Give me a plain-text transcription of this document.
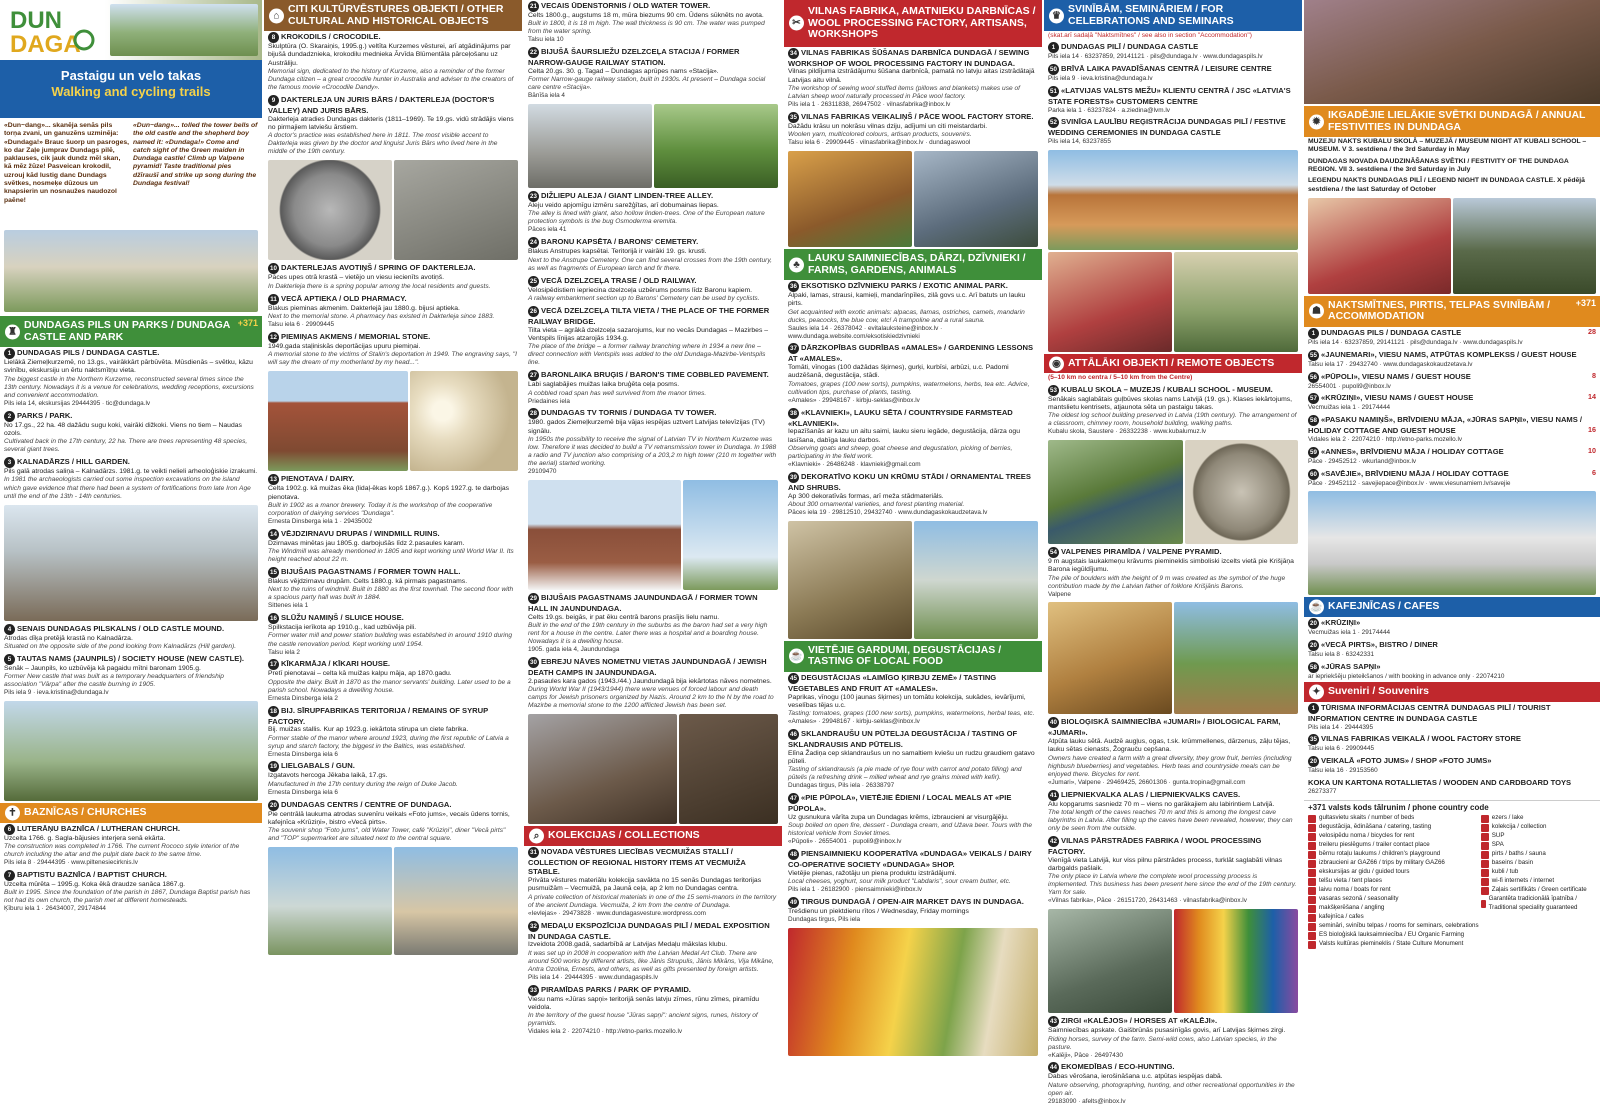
DUN
DAGA
Pastaigu un velo takas
Walking and cycling trails
«Dun~dang»... skanēja senās pils torņa zvani, un ganuzēns uzminēja: «Dundaga!» Brauc šuorp un pasroges, ko dar Zaļe jumprav Dundags pilē, paklauses, cik jauk dundz mēl skan, kā mēz žūze! Pasveican krokodil, uzrouj kād lustig danc Dundags svētkes, nosmeķe dūzous un knapsierin un nosnaužes naudozol paēne!
«Dun~dang»... tolled the tower bells of the old castle and the shepherd boy named it: «Dundaga!» Come and catch sight of the Green maiden in Dundaga castle! Climb up Valpene pyramid! Taste traditional pies džīraušī and strike up song during the Dundaga festival!
♜
DUNDAGAS PILS UN PARKS / DUNDAGA CASTLE AND PARK
+371
1 DUNDAGAS PILS / DUNDAGA CASTLE.
Lielākā Ziemeļkurzemē, no 13.gs., vairākkārt pārbūvēta. Mūsdienās – svētku, kāzu svinību, ekskursiju un ērtu naktsmītņu vieta.
The biggest castle in the Northern Kurzeme, reconstructed several times since the 13th century. Nowadays it is a venue for celebrations, wedding receptions, excursions and convenient accommodation.
Pils iela 14, ekskursijas 29444395 · tic@dundaga.lv
2 PARKS / PARK.
No 17.gs., 22 ha. 48 dažādu sugu koki, vairāki dižkoki. Viens no tiem – Naudas ozols.
Cultivated back in the 17th century, 22 ha. There are trees representing 48 species, several giant trees.
3 KALNADĀRZS / HILL GARDEN.
Pils galā atrodas saliņa – Kalnadārzs. 1981.g. te veikti nelieli arheoloģiskie izrakumi.
In 1981 the archaeologists carried out some inspection excavations on the island which gave evidence that there had been a system of fortifications from late Iron Age until the end of the 13th - 14th centuries.
4 SENAIS DUNDAGAS PILSKALNS / OLD CASTLE MOUND.
Atrodas dīķa pretējā krastā no Kalnadārza.
Situated on the opposite side of the pond looking from Kalnadārzs (Hill garden).
5 TAUTAS NAMS (JAUNPILS) / SOCIETY HOUSE (NEW CASTLE).
Senāk – Jaunpils, ko uzbūvēja kā pagaidu mītni baronam 1905.g.
Former New castle that was built as a temporary headquarters of friendship association "Vārpa" after the castle burning in 1905.
Pils iela 9 · ieva.kristina@dundaga.lv
✝ BAZNĪCAS / CHURCHES
6 LUTERĀŅU BAZNĪCA / LUTHERAN CHURCH.
Uzcelta 1766. g. Sagla-bājusies interjera senā ekārta.
The construction was completed in 1766. The current Rococo style interior of the church including the altar and the pulpit date back to the same time.
Pils iela 8 · 29444395 · www.piltenesiecirknis.lv
7 BAPTISTU BAZNĪCA / BAPTIST CHURCH.
Uzcelta mūrēta – 1995.g. Koka ēkā draudze sanāca 1867.g.
Built in 1995. Since the foundation of the parish in 1867, Dundaga Baptist parish has not had its own church, the parish met at different homesteads.
Ķīburu iela 1 · 26434007, 29174844
⌂
CITI KULTŪRVĒSTURES OBJEKTI / OTHER CULTURAL AND HISTORICAL OBJECTS
8 KROKODILS / CROCODILE.
Skulptūra (O. Skaraiņis, 1995.g.) veltīta Kurzemes vēsturei, arī atgādinājums par bijušā dundadznieka, krokodilu mednieka Ārvīda Blūmentāla pārceļošanu uz Austrāliju.
Memorial sign, dedicated to the history of Kurzeme, also a reminder of the former Dundaga citizen – a great crocodile hunter in Australia and adviser to the creators of the famous movie «Crocodile Dandy».
9 DAKTERLEJA UN JURIS BĀRS / DAKTERLEJA (DOCTOR'S VALLEY) AND JURIS BĀRS.
Dakterleja atradies Dundagas dakteris (1811–1969). Te 19.gs. vidū strādājis viens no pirmajiem latviešu ārstiem.
A doctor's practice was established here in 1811. The most visible accent to Dakterleja was given by the doctor and linguist Juris Bārs who lived here in the middle of the 19th century.
10 DAKTERLEJAS AVOTIŅŠ / SPRING OF DAKTERLEJA.
Pāces upes otrā krastā – vietējo un viesu iecienīts avotiņš.
In Dakterleja there is a spring popular among the local residents and guests.
11 VECĀ APTIEKA / OLD PHARMACY.
Blakus pieminas akmenim. Dakterlejā jau 1880.g. bijusi aptieka.
Next to the memorial stone. A pharmacy has existed in Dakterleja since 1883.
Talsu iela 6 · 29909445
12 PIEMIŅAS AKMENS / MEMORIAL STONE.
1949.gada staļiniskās deportācijas upuru piemiņai.
A memorial stone to the victims of Stalin's deportation in 1949. The engraving says, "I will say the dream of my motherland by my head...".
13 PIENOTAVA / DAIRY.
Celta 1902.g. kā muižas ēka (lidaļ-ēkas kopš 1867.g.). Kopš 1927.g. te darbojas pienotava.
Built in 1902 as a manor brewery. Today it is the workshop of the cooperative corporation of dairying services "Dundaga".
Ernesta Dinsberga iela 1 · 29435002
14 VĒJDZIRNAVU DRUPAS / WINDMILL RUINS.
Dzirnavas minētas jau 1805.g. darbojušās līdz 2.pasaules karam.
The Windmill was already mentioned in 1805 and kept working until World War II. Its height reached about 22 m.
15 BIJUŠAIS PAGASTNAMS / FORMER TOWN HALL.
Blakus vējdzirnavu drupām. Celts 1880.g. kā pirmais pagastnams.
Next to the ruins of windmill. Built in 1880 as the first townhall. The second floor with a spacious party hall was built in 1884.
Sittenes iela 1
16 SLŪŽU NAMIŅŠ / SLUICE HOUSE.
Spilkstacija ierīkota ap 1910.g., kad uzbūvēja pili.
Former water mill and power station building was established in around 1910 during the castle renovation period. Kept working until 1954.
Talsu iela 2
17 KĪKARMĀJA / KĪKARI HOUSE.
Pretī pienotavai – celta kā muižas kalpu māja, ap 1870.gadu.
Opposite the dairy. Built in 1870 as the manor servants' building. Later used to be a parish school. Nowadays a dwelling house.
Ernesta Dinsberga iela 2
18 BIJ. SĪRUPFABRIKAS TERITORIJA / REMAINS OF SYRUP FACTORY.
Bij. muižas stallis. Kur ap 1923.g. iekārtota stirupa un ciete fabrika.
Former stable of the manor where around 1923, during the first republic of Latvia a syrup and starch factory, the biggest in the Baltics, was established.
Ernesta Dinsberga iela 6
19 LIELGABALS / GUN.
Izgatavots hercoga Jēkaba laikā, 17.gs.
Manufactured in the 17th century during the reign of Duke Jacob.
Ernesta Dinsberga iela 6
20 DUNDAGAS CENTRS / CENTRE OF DUNDAGA.
Pie centrālā laukuma atrodas suvenīru veikals «Foto jums», vecais ūdens tornis, kafejnīca «Krūziņi», bistro «Vecā pirts».
The souvenir shop "Foto jums", old Water Tower, café "Krūziņi", diner "Vecā pirts" and "TOP" supermarket are situated next to the central square.
21 VECAIS ŪDENSTORNIS / OLD WATER TOWER.
Celts 1800.g., augstums 18 m, mūra biezums 90 cm. Ūdens sūknēts no avota.
Built in 1800, it is 18 m high. The wall thickness is 90 cm. The water was pumped from the water spring.
Talsu iela 10
22 BIJUŠĀ ŠAURSLIEŽU DZELZCEĻA STACIJA / FORMER NARROW-GAUGE RAILWAY STATION.
Celta 20.gs. 30. g. Tagad – Dundagas aprūpes nams «Stacija».
Former Narrow-gauge railway station, built in 1930s. At present – Dundaga social care centre «Stacija».
Bānīša iela 4
23 DIŽLIEPU ALEJA / GIANT LINDEN-TREE ALLEY.
Aleju veido apjomīgu izmēru sarežģītas, arī dobumainas liepas.
The alley is lined with giant, also hollow linden-trees. One of the European nature protection symbols is the bug Osmoderma eremita.
Pāces iela 41
24 BARONU KAPSĒTA / BARONS' CEMETERY.
Blakus Anstrupes kapsētai. Teritorijā ir vairāki 19. gs. krusti.
Next to the Anstrupe Cemetery. One can find several crosses from the 19th century, as well as fragments of European larch and fir there.
25 VECĀ DZELZCEĻA TRASE / OLD RAILWAY.
Velosipēdistiem iepriecina dzelzceļa uzbērums posms līdz Baronu kapiem.
A railway embankment section up to Barons' Cemetery can be used by cyclists.
26 VECĀ DZELZCEĻA TILTA VIETA / THE PLACE OF THE FORMER RAILWAY BRIDGE.
Tilta vieta – agrākā dzelzceļa sazarojums, kur no vecās Dundagas – Mazirbes – Ventspils līnijas atzarojās 1934.g.
The place of the bridge – a former railway branching where in 1934 a new line – direct connection with Ventspils was added to the old Dundaga-Mazirbe-Ventspils line.
27 BARONLAIKA BRUĢIS / BARON'S TIME COBBLED PAVEMENT.
Labi saglabājies muižas laika bruģēta ceļa posms.
A cobbled road span has well survived from the manor times.
Priedaines iela
28 DUNDAGAS TV TORNIS / DUNDAGA TV TOWER.
1980. gados Ziemeļkurzemē bija vājas iespējas uztvert Latvijas televīzijas (TV) signālu.
In 1950s the possibility to receive the signal of Latvian TV in Northern Kurzeme was low. Therefore it was decided to build a TV retransmission tower in Dundaga. In 1988 a radio and TV junction also comprising of a 203,2 m high tower (210 m together with the aerial) started working.
29109470
29 BIJUŠAIS PAGASTNAMS JAUNDUNDAGĀ / FORMER TOWN HALL IN JAUNDUNDAGA.
Celts 19.gs. beigās, ir pat ēku centrā barons prasījis lielu namu.
Built in the end of the 19th century in the suburbs as the baron had set a very high rent for a house in the centre. Later there was a hospital and a boarding house. Nowadays it is a dwelling house.
1905. gada iela 4, Jaundundaga
30 EBREJU NĀVES NOMETNU VIETAS JAUNDUNDAGĀ / JEWISH DEATH CAMPS IN JAUNDUNDAGA.
2.pasaules kara gados (1943./44.) Jaundundagā bija iekārtotas nāves nometnes.
During World War II (1943/1944) there were venues of forced labour and death camps for Jewish prisoners organized by Nazis. Around 2 km to the N by the road to Mazirbe a memorial stone to the 1200 afflicted Jewish has been set.
⌕ KOLEKCIJAS / COLLECTIONS
31 NOVADA VĒSTURES LIECĪBAS VECMUIŽAS STALLĪ / COLLECTION OF REGIONAL HISTORY ITEMS AT VECMUIŽA STABLE.
Privāta vēstures materiālu kolekcija savākta no 15 senās Dundagas teritorijas pusmuižām – Vecmuižā, pa Jaunā ceļa, ap 2 km no Dundagas centra.
A private collection of historical materials in one of the 15 semi-manors in the territory of the ancient Dundaga. Vecmuiža, 2 km from the centre of Dundaga.
«Ievlejas» · 29473828 · www.dundagasvesture.wordpress.com
32 MEDAĻU EKSPOZĪCIJA DUNDAGAS PILĪ / MEDAL EXPOSITION IN DUNDAGA CASTLE.
Izveidota 2008.gadā, sadarbībā ar Latvijas Medaļu mākslas klubu.
It was set up in 2008 in cooperation with the Latvian Medal Art Club. There are around 500 works by different artists, like Jānis Strupulis, Jānis Mikāns, Vija Mikāne, Antra Ozolina, Ernests, and others, as well as gifts presented by foreign artists.
Pils iela 14 · 29444395 · www.dundagaspils.lv
33 PIRAMĪDAS PARKS / PARK OF PYRAMID.
Viesu nams «Jūras sapņi» teritorijā senās latvju zīmes, rūnu zīmes, piramīdu veidola.
In the territory of the guest house "Jūras sapņi": ancient signs, runes, history of pyramids.
Vidales iela 2 · 22074210 · http://etno-parks.mozello.lv
✂
VILNAS FABRIKA, AMATNIEKU DARBNĪCAS / WOOL PROCESSING FACTORY, ARTISANS, WORKSHOPS
34 VILNAS FABRIKAS ŠŪŠANAS DARBNĪCA DUNDAGĀ / SEWING WORKSHOP OF WOOL PROCESSING FACTORY IN DUNDAGA.
Vilnas pildījuma izstrādājumu šūšana darbnīcā, pamatā no latvju aitas izstrādātajā Latvijas aitu vilnā.
The workshop of sewing wool stuffed items (pillows and blankets) makes use of Latvian sheep wool naturally processed in Pāce wool factory.
Pils iela 1 · 26311838, 26947502 · vilnasfabrika@inbox.lv
35 VILNAS FABRIKAS VEIKALIŅŠ / PĀCE WOOL FACTORY STORE.
Dažādu krāsu un nokrāsu vilnas dziju, adījumi un citi meistardarbi.
Woolen yarn, multicolored colours, artisan products, souvenirs.
Talsu iela 6 · 29909445 · vilnasfabrika@inbox.lv · dundagaswool
♣
LAUKU SAIMNIECĪBAS, DĀRZI, DZĪVNIEKI / FARMS, GARDENS, ANIMALS
36 EKSOTISKO DZĪVNIEKU PARKS / EXOTIC ANIMAL PARK.
Alpaki, lamas, strausi, kamieļi, mandarīnpīles, zilā govs u.c. Arī batuts un lauku pirts.
Get acquainted with exotic animals: alpacas, llamas, ostriches, camels, mandarin ducks, peacocks, the blue cow, etc! A trampoline and a rural sauna.
Saules iela 14 · 26378042 · evitalauksteine@inbox.lv · www.dundaga.website.com/eksotiskiedzivnieki
37 DĀRZKOPĪBAS GUDRĪBAS «AMALES» / GARDENING LESSONS AT «AMALES».
Tomāti, vīnogas (100 dažādas šķirnes), gurķi, kurbīsi, arbūzi, u.c. Padomi audzēšanā, degustācija, stādi.
Tomatoes, grapes (100 new sorts), pumpkins, watermelons, herbs, tea etc. Advice, cultivation tips, purchase of plants, tasting.
«Amales» · 29948167 · kirbju-seklas@inbox.lv
38 «KLAVNIEKI», LAUKU SĒTA / COUNTRYSIDE FARMSTEAD «KLAVNIEKI».
Iepazīšanās ar kazu un aitu saimi, lauku sieru iegāde, degustācija, dārza ogu lasīšana, dabīga lauku darbos.
Observing goats and sheep, goat cheese and degustation, picking of berries, participating in the field work.
«Klavnieki» · 26486248 · klavnieki@gmail.com
39 DEKORATĪVO KOKU UN KRŪMU STĀDI / ORNAMENTAL TREES AND SHRUBS.
Ap 300 dekoratīvās formas, arī meža stādmateriāls.
About 300 ornamental varieties, and forest planting material.
Pāces iela 19 · 29812510, 29432740 · www.dundagaskokaudzetava.lv
☕
VIETĒJIE GARDUMI, DEGUSTĀCIJAS / TASTING OF LOCAL FOOD
45 DEGUSTĀCIJAS «LAIMĪGO ĶIRBJU ZEMĒ» / TASTING VEGETABLES AND FRUIT AT «AMALES».
Paprikas, vīnogu (100 jaunas šķirnes) un tomātu kolekcija, sukādes, ievārījumi, veselības tējas u.c.
Tasting: tomatoes, grapes (100 new sorts), pumpkins, watermelons, herbal teas, etc.
«Amales» · 29948167 · kirbju-seklas@inbox.lv
46 SKLANDRAUŠU UN PŪTELJA DEGUSTĀCIJA / TASTING OF SKLANDRAUSIS AND PŪTELIS.
Elīna Žadiņa cep sklandraušus un no samaltiem kviešu un rudzu graudiem gatavo pūteli.
Tasting of sklandrausis (a pie made of rye flour with carrot and potato filling) and pūtelis (a refreshing drink – milled wheat and rye grains mixed with kefir).
Dundagas tirgus, Pils iela · 26338797
47 «PIE PŪPOLA», VIETĒJIE ĒDIENI / LOCAL MEALS AT «PIE PŪPOLA».
Uz gusnukura vārīta zupa un Dundagas krēms, izbraucieni ar visurgājēju.
Soup boiled on open fire, dessert - Dundaga cream, and Užava beer. Tours with the historical vehicle from Soviet times.
«Pūpoli» · 26554001 · pupoli9@inbox.lv
48 PIENSAIMNIEKU KOOPERATĪVA «DUNDAGA» VEIKALS / DAIRY CO-OPERATIVE SOCIETY «DUNDAGA» SHOP.
Vietējie pienas, ražotāju un piena produktu izstrādājumi.
Local cheeses, yoghurt, sour milk product "Labdaris", sour cream butter, etc.
Pils iela 1 · 26182900 · piensaimnieki@inbox.lv
49 TIRGUS DUNDAGĀ / OPEN-AIR MARKET DAYS IN DUNDAGA.
Trešdienu un piektdienu rītos / Wednesday, Friday mornings
Dundagas tirgus, Pils iela
♛
SVINĪBĀM, SEMINĀRIEM / FOR CELEBRATIONS AND SEMINARS
(skat.arī sadaļā "Naktsmītnes" / see also in section "Accommodation")
1 DUNDAGAS PILĪ / DUNDAGA CASTLE
Pils iela 14 · 63237859, 29141121 · pils@dundaga.lv · www.dundagaspils.lv
50 BRĪVĀ LAIKA PAVADĪŠANAS CENTRĀ / LEISURE CENTRE
Pils iela 9 · ieva.kristina@dundaga.lv
51 «LATVIJAS VALSTS MEŽU» KLIENTU CENTRĀ / JSC «LATVIA'S STATE FORESTS» CUSTOMERS CENTRE
Parka iela 1 · 63237824 · a.ziedina@lvm.lv
52 SVINĪGA LAULĪBU REĢISTRĀCIJA DUNDAGAS PILĪ / FESTIVE WEDDING CEREMONIES IN DUNDAGA CASTLE
Pils iela 14, 63237855
◉ ATTĀLĀKI OBJEKTI / REMOTE OBJECTS
(5–10 km no centra / 5–10 km from the Centre)
53 KUBALU SKOLA – MUZEJS / KUBALI SCHOOL - MUSEUM.
Senākais saglabātais guļbūves skolas nams Latvijā (19. gs.). Klases iekārtojums, mantslietu kentrisets, atjaunota sēta un pastaigu takas.
The oldest log school building preserved in Latvia (19th century). The arrangement of a classroom, chimney room, household building, walking paths.
Kubalu skola, Saustere · 26332238 · www.kubalumuz.lv
54 VALPENES PIRAMĪDA / VALPENE PYRAMID.
9 m augstais laukakmeņu krāvums piemineklis simboliski izcelts vietā pie Krišjāņa Barona iegūldījumu.
The pile of boulders with the height of 9 m was created as the symbol of the huge contribution made by the Latvian father of folklore Krišjānis Barons.
Valpene
40 BIOLOĢISKĀ SAIMNIECĪBA «JUMARI» / BIOLOGICAL FARM, «JUMARI».
Atpūta lauku sētā. Audzē augļus, ogas, t.sk. krūmmellenes, dārzenus, zāļu tējas, lauku sētas cienasts, Žograuču cepšana.
Owners have created a farm with a great diversity, they grow fruit, berries (including highbush blueberries) and vegetables. Herb teas and countryside meals can be enjoyed there. Bicycles for rent.
«Jumari», Valpene · 29469425, 26601306 · gunta.tropina@gmail.com
41 LIEPNIEKVALKA ALAS / LIEPNIEKVALKS CAVES.
Alu kopgarums sasniedz 70 m – viens no garākajiem alu labirintiem Latvijā.
The total length of the caves reaches 70 m and this is among the longest cave labyrinths in Latvia. After filling up the caves have been revealed, however, they can only be seen from the outside.
42 VILNAS PĀRSTRĀDES FABRIKA / WOOL PROCESSING FACTORY.
Vienīgā vieta Latvijā, kur viss pilnu pārstrādes process, turklāt saglabāti vilnas darbgalds pašlaik.
The only place in Latvia where the complete wool processing process is implemented. This business has been present here since the end of the 19th century. Yarn for sale.
«Vilnas fabrika», Pāce · 26151720, 26431463 · vilnasfabrika@inbox.lv
43 ZIRGI «KALĒJOS» / HORSES AT «KALĒJI».
Saimniecības apskate. Gaišbrūnās pusasinīgās govis, arī Latvijas šķirnes zirgi.
Riding horses, survey of the farm. Semi-wild cows, also Latvian species, in the pasture.
«Kalēji», Pāce · 26497430
44 EKOMEDĪBAS / ECO-HUNTING.
Dabas vērošana, ierošināšana u.c. atpūtas iespējas dabā.
Nature observing, photographing, hunting, and other recreational opportunities in the open air.
29183090 · afelts@inbox.lv
✹
IKGADĒJIE LIELĀKIE SVĒTKI DUNDAGĀ / ANNUAL FESTIVITIES IN DUNDAGA
MUZEJU NAKTS KUBALU SKOLĀ – MUZEJĀ / MUSEUM NIGHT AT KUBALI SCHOOL – MUSEUM. V 3. sestdiena / the 3rd Saturday in May
DUNDAGAS NOVADA DAUDZINĀŠANAS SVĒTKI / FESTIVITY OF THE DUNDAGA REGION. VII 3. sestdiena / the 3rd Saturday in July
LEGENDU NAKTS DUNDAGAS PILĪ / LEGEND NIGHT IN DUNDAGA CASTLE. X pēdējā sestdiena / the last Saturday of October
☗
NAKTSMĪTNES, PIRTIS, TELPAS SVINĪBĀM / ACCOMMODATION
+371
1 DUNDAGAS PILS / DUNDAGA CASTLE	28
Pils iela 14 · 63237859, 29141121 · pils@dundaga.lv · www.dundagaspils.lv
55 «JAUNEMARI», VIESU NAMS, ATPŪTAS KOMPLEKSS / GUEST HOUSE
Talsu iela 17 · 29432740 · www.dundagaskokaudzetava.lv
56 «PŪPOLI», VIESU NAMS / GUEST HOUSE	8
26554001 · pupoli9@inbox.lv
57 «KRŪZIŅI», VIESU NAMS / GUEST HOUSE	14
Vecmuižas iela 1 · 29174444
58 «PASAKU NAMIŅŠ», BRĪVDIENU MĀJA, «JŪRAS SAPŅI», VIESU NAMS / HOLIDAY COTTAGE AND GUEST HOUSE	16
Vidales iela 2 · 22074210 · http://etno-parks.mozello.lv
59 «ANNES», BRĪVDIENU MĀJA / HOLIDAY COTTAGE	10
Pāce · 29452512 · wkurland@inbox.lv
60 «SAVĒJIE», BRĪVDIENU MĀJA / HOLIDAY COTTAGE	6
Pāce · 29452112 · savejiepace@inbox.lv · www.viesunamiem.lv/savejie
☕ KAFEJNĪCAS / CAFES
20 «KRŪZIŅI»
Vecmuižas iela 1 · 29174444
20 «VECĀ PIRTS», BISTRO / DINER
Talsu iela 8 · 63242331
58 «JŪRAS SAPŅI»
ar iepriekšēju pieteikšanos / with booking in advance only · 22074210
✦ Suveniri / Souvenirs
1 TŪRISMA INFORMĀCIJAS CENTRĀ DUNDAGAS PILĪ / TOURIST INFORMATION CENTRE IN DUNDAGA CASTLE
Pils iela 14 · 29444395
35 VILNAS FABRIKAS VEIKALĀ / WOOL FACTORY STORE
Talsu iela 6 · 29909445
20 VEIKALĀ «FOTO JUMS» / SHOP «FOTO JUMS»
Talsu iela 16 · 29153560
KOKA UN KARTONA ROTALLIETAS / WOODEN AND CARDBOARD TOYS
26273377
+371 valsts kods tālrunim / phone country code
gultasvietu skaits / number of beds
degustācija, ēdināšana / catering, tasting
velosipēdu noma / bicycles for rent
treileru pieslēgums / trailer contact place
bērnu rotaļu laukums / children's playground
izbraucieni ar GAZ66 / trips by military GAZ66
ekskursijas ar gidu / guided tours
telšu vieta / tent places
laivu noma / boats for rent
vasaras sezonā / seasonality
makšķerēšana / angling
kafejnīca / cafes
semināri, svinību telpas / rooms for seminars, celebrations
ES bioloģiskā lauksaimniecība / EU Organic Farming
Valsts kultūras piemineklis / State Culture Monument
ezers / lake
kolekcija / collection
SUP
SPA
pirts / baths / sauna
baseins / basin
kubli / tub
wi-fi internets / internet
Zaļais sertifikāts / Green certificate
Garantēta tradicionālā īpatnība / Traditional speciality guaranteed
